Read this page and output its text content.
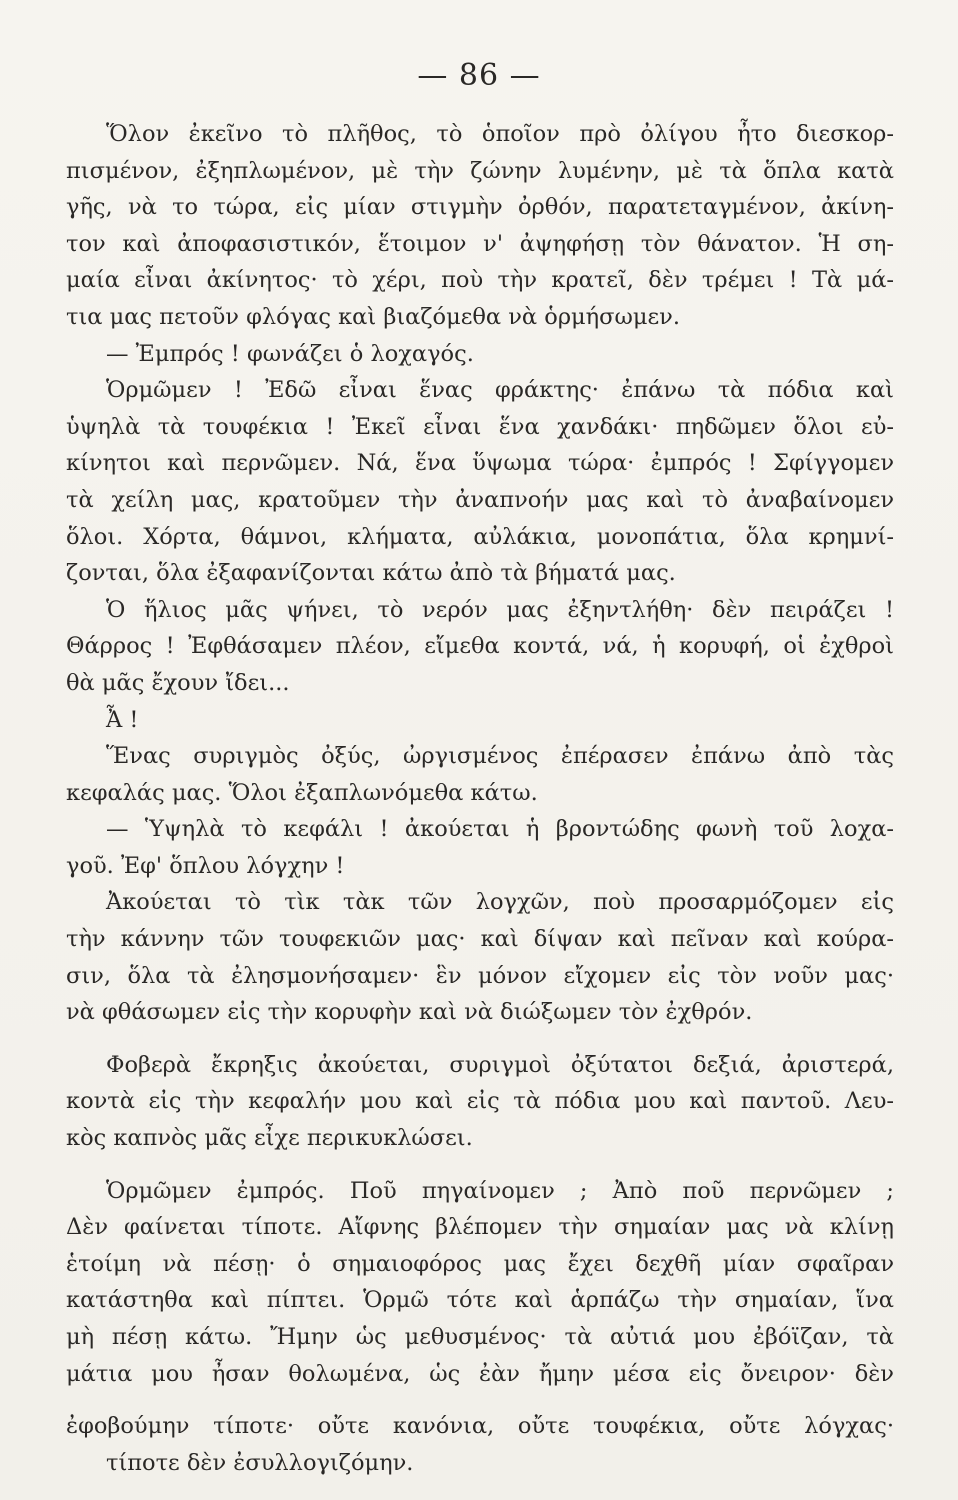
— 86 —
Ὅλον ἐκεῖνο τὸ πλῆθος, τὸ ὁποῖον πρὸ ὀλίγου ἦτο διεσκορ-
πισμένον, ἐξηπλωμένον, μὲ τὴν ζώνην λυμένην, μὲ τὰ ὅπλα κατὰ
γῆς, νὰ το τώρα, εἰς μίαν στιγμὴν ὀρθόν, παρατεταγμένον, ἀκίνη-
τον καὶ ἀποφασιστικόν, ἕτοιμον ν' ἀψηφήσῃ τὸν θάνατον. Ἡ ση-
μαία εἶναι ἀκίνητος· τὸ χέρι, ποὺ τὴν κρατεῖ, δὲν τρέμει ! Τὰ μά-
τια μας πετοῦν φλόγας καὶ βιαζόμεθα νὰ ὁρμήσωμεν.
— Ἐμπρός ! φωνάζει ὁ λοχαγός.
Ὁρμῶμεν ! Ἐδῶ εἶναι ἕνας φράκτης· ἐπάνω τὰ πόδια καὶ
ὑψηλὰ τὰ τουφέκια ! Ἐκεῖ εἶναι ἕνα χανδάκι· πηδῶμεν ὅλοι εὐ-
κίνητοι καὶ περνῶμεν. Νά, ἕνα ὕψωμα τώρα· ἐμπρός ! Σφίγγομεν
τὰ χείλη μας, κρατοῦμεν τὴν ἀναπνοήν μας καὶ τὸ ἀναβαίνομεν
ὅλοι. Χόρτα, θάμνοι, κλήματα, αὐλάκια, μονοπάτια, ὅλα κρημνί-
ζονται, ὅλα ἐξαφανίζονται κάτω ἀπὸ τὰ βήματά μας.
Ὁ ἥλιος μᾶς ψήνει, τὸ νερόν μας ἐξηντλήθη· δὲν πειράζει !
Θάρρος ! Ἐφθάσαμεν πλέον, εἴμεθα κοντά, νά, ἡ κορυφή, οἱ ἐχθροὶ
θὰ μᾶς ἔχουν ἴδει...
Ἆ !
Ἕνας συριγμὸς ὀξύς, ὠργισμένος ἐπέρασεν ἐπάνω ἀπὸ τὰς
κεφαλάς μας. Ὅλοι ἐξαπλωνόμεθα κάτω.
— Ὑψηλὰ τὸ κεφάλι ! ἀκούεται ἡ βροντώδης φωνὴ τοῦ λοχα-
γοῦ. Ἐφ' ὅπλου λόγχην !
Ἀκούεται τὸ τὶκ τὰκ τῶν λογχῶν, ποὺ προσαρμόζομεν εἰς
τὴν κάννην τῶν τουφεκιῶν μας· καὶ δίψαν καὶ πεῖναν καὶ κούρα-
σιν, ὅλα τὰ ἐλησμονήσαμεν· ἓν μόνον εἴχομεν εἰς τὸν νοῦν μας·
νὰ φθάσωμεν εἰς τὴν κορυφὴν καὶ νὰ διώξωμεν τὸν ἐχθρόν.
Φοβερὰ ἔκρηξις ἀκούεται, συριγμοὶ ὀξύτατοι δεξιά, ἀριστερά,
κοντὰ εἰς τὴν κεφαλήν μου καὶ εἰς τὰ πόδια μου καὶ παντοῦ. Λευ-
κὸς καπνὸς μᾶς εἶχε περικυκλώσει.
Ὁρμῶμεν ἐμπρός. Ποῦ πηγαίνομεν ; Ἀπὸ ποῦ περνῶμεν ;
Δὲν φαίνεται τίποτε. Αἴφνης βλέπομεν τὴν σημαίαν μας νὰ κλίνῃ
ἑτοίμη νὰ πέσῃ· ὁ σημαιοφόρος μας ἔχει δεχθῆ μίαν σφαῖραν
κατάστηθα καὶ πίπτει. Ὁρμῶ τότε καὶ ἁρπάζω τὴν σημαίαν, ἵνα
μὴ πέσῃ κάτω. Ἤμην ὡς μεθυσμένος· τὰ αὐτιά μου ἐβόϊζαν, τὰ
μάτια μου ἦσαν θολωμένα, ὡς ἐὰν ἤμην μέσα εἰς ὄνειρον· δὲν
ἐφοβούμην τίποτε· οὔτε κανόνια, οὔτε τουφέκια, οὔτε λόγχας·
τίποτε δὲν ἐσυλλογιζόμην.
